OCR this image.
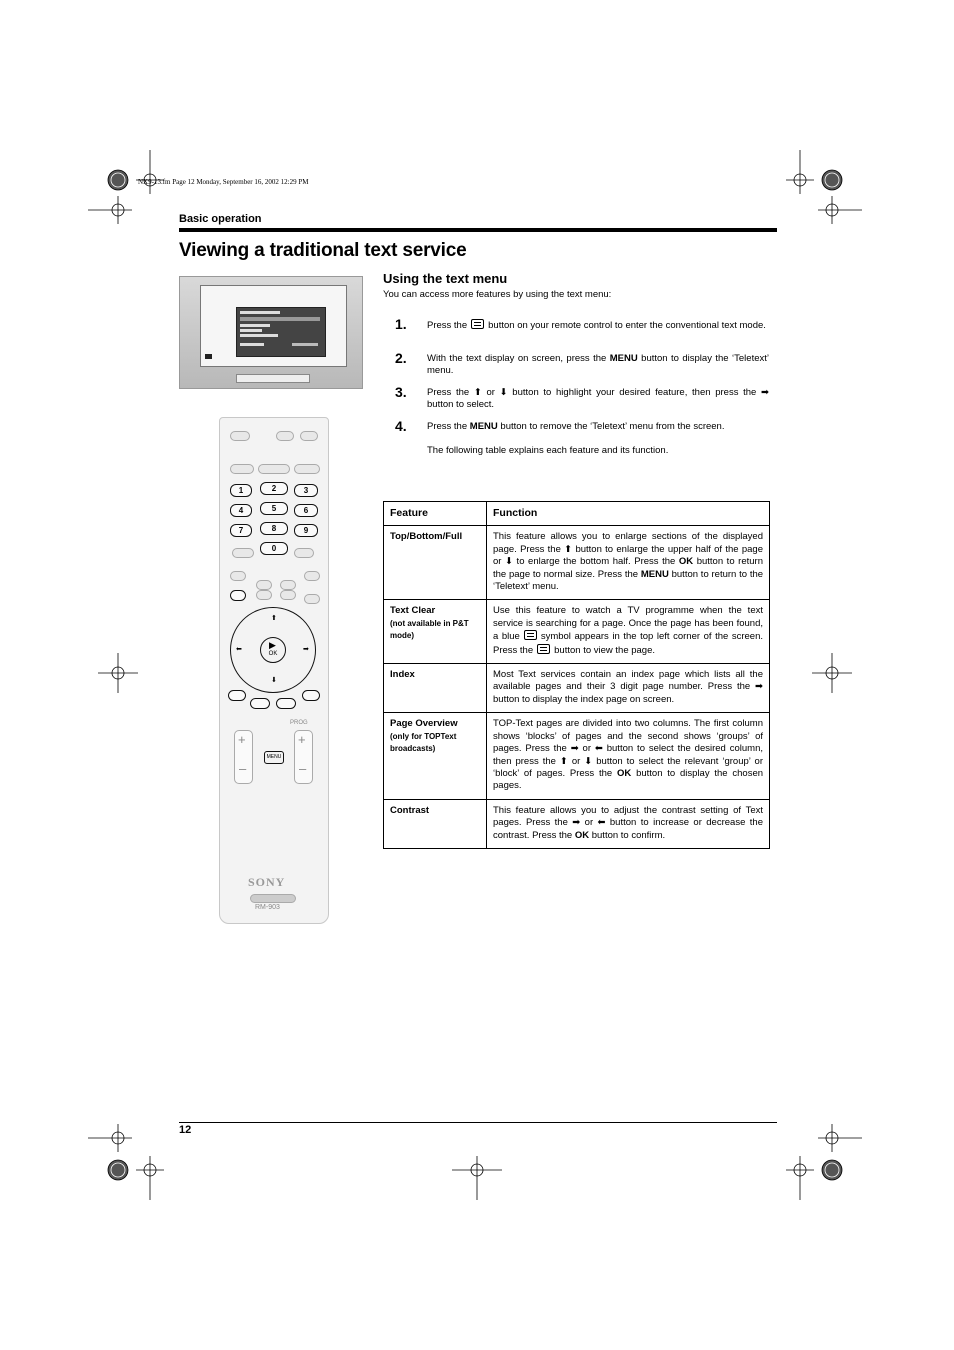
NX9-13.fm Page 12 Monday, September 16, 2002 12:29 PM
Basic operation
Viewing a traditional text service
1	2	3
4	5	6
7	8	9
0
⬆
⬇
⬅	➡
OK
▶
PROG
+
–
+
–
MENU
SONY
RM-903
Using the text menu
You can access more features by using the text menu:
1. Press the button on your remote control to enter the conventional text mode.
2. With the text display on screen, press the MENU button to display the ‘Teletext’ menu.
3. Press the ⬆ or ⬇ button to highlight your desired feature, then press the ➡ button to select.
4. Press the MENU button to remove the ‘Teletext’ menu from the screen.
The following table explains each feature and its function.
Feature	Function
Top/Bottom/Full	This feature allows you to enlarge sections of the displayed page. Press the ⬆ button to enlarge the upper half of the page or ⬇ to enlarge the bottom half. Press the OK button to return the page to normal size. Press the MENU button to return to the ‘Teletext’ menu.
Text Clear
(not available in P&T mode)	Use this feature to watch a TV programme when the text service is searching for a page. Once the page has been found, a blue symbol appears in the top left corner of the screen. Press the button to view the page.
Index	Most Text services contain an index page which lists all the available pages and their 3 digit page number. Press the ➡ button to display the index page on screen.
Page Overview
(only for TOPText broadcasts)	TOP-Text pages are divided into two columns. The first column shows ‘blocks’ of pages and the second shows ‘groups’ of pages. Press the ➡ or ⬅ button to select the desired column, then press the ⬆ or ⬇ button to select the relevant ‘group’ or ‘block’ of pages. Press the OK button to display the chosen pages.
Contrast	This feature allows you to adjust the contrast setting of Text pages. Press the ➡ or ⬅ button to increase or decrease the contrast. Press the OK button to confirm.
12
